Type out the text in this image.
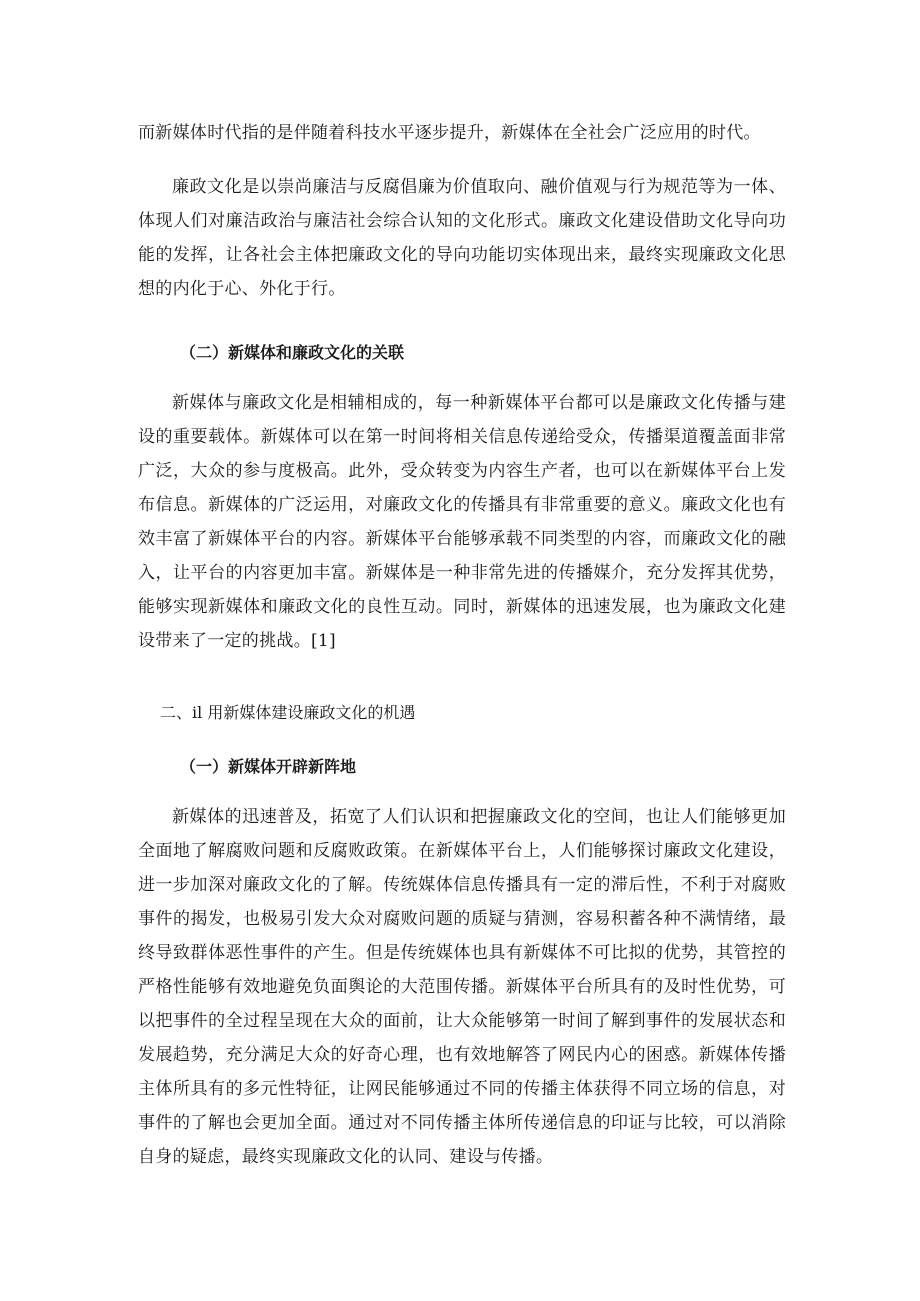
而新媒体时代指的是伴随着科技水平逐步提升，新媒体在全社会广泛应用的时代。

廉政文化是以崇尚廉洁与反腐倡廉为价值取向、融价值观与行为规范等为一体、体现人们对廉洁政治与廉洁社会综合认知的文化形式。廉政文化建设借助文化导向功能的发挥，让各社会主体把廉政文化的导向功能切实体现出来，最终实现廉政文化思想的内化于心、外化于行。

（二）新媒体和廉政文化的关联

新媒体与廉政文化是相辅相成的，每一种新媒体平台都可以是廉政文化传播与建设的重要载体。新媒体可以在第一时间将相关信息传递给受众，传播渠道覆盖面非常广泛，大众的参与度极高。此外，受众转变为内容生产者，也可以在新媒体平台上发布信息。新媒体的广泛运用，对廉政文化的传播具有非常重要的意义。廉政文化也有效丰富了新媒体平台的内容。新媒体平台能够承载不同类型的内容，而廉政文化的融入，让平台的内容更加丰富。新媒体是一种非常先进的传播媒介，充分发挥其优势，能够实现新媒体和廉政文化的良性互动。同时，新媒体的迅速发展，也为廉政文化建设带来了一定的挑战。[1]

二、il 用新媒体建设廉政文化的机遇
（一）新媒体开辟新阵地

新媒体的迅速普及，拓宽了人们认识和把握廉政文化的空间，也让人们能够更加全面地了解腐败问题和反腐败政策。在新媒体平台上，人们能够探讨廉政文化建设，进一步加深对廉政文化的了解。传统媒体信息传播具有一定的滞后性，不利于对腐败事件的揭发，也极易引发大众对腐败问题的质疑与猜测，容易积蓄各种不满情绪，最终导致群体恶性事件的产生。但是传统媒体也具有新媒体不可比拟的优势，其管控的严格性能够有效地避免负面舆论的大范围传播。新媒体平台所具有的及时性优势，可以把事件的全过程呈现在大众的面前，让大众能够第一时间了解到事件的发展状态和发展趋势，充分满足大众的好奇心理，也有效地解答了网民内心的困惑。新媒体传播主体所具有的多元性特征，让网民能够通过不同的传播主体获得不同立场的信息，对事件的了解也会更加全面。通过对不同传播主体所传递信息的印证与比较，可以消除自身的疑虑，最终实现廉政文化的认同、建设与传播。
